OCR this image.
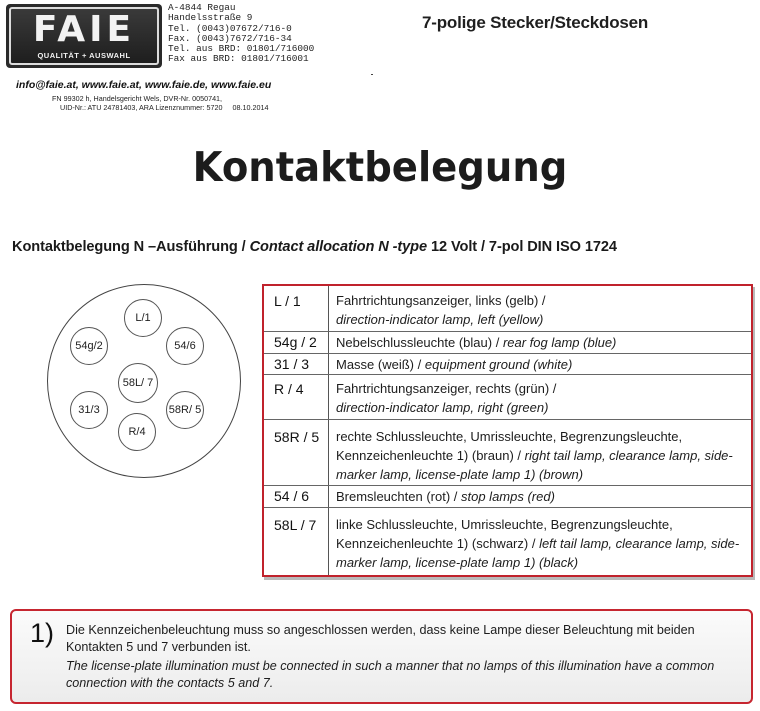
FAIE
QUALITÄT + AUSWAHL
A-4844 Regau
Handelsstraße 9
Tel. (0043)07672/716-0
Fax. (0043)7672/716-34
Tel. aus BRD: 01801/716000
Fax aus BRD: 01801/716001
7-polige Stecker/Steckdosen
info@faie.at, www.faie.at, www.faie.de, www.faie.eu
FN 99302 h, Handelsgericht Wels, DVR-Nr. 0050741,
UID-Nr.: ATU 24781403, ARA Lizenznummer: 5720 08.10.2014
Kontaktbelegung
Kontaktbelegung N –Ausführung / Contact allocation N -type 12 Volt / 7-pol DIN ISO 1724
L/1
54g/2	54/6
58L/ 7
31/3	58R/ 5
R/4
L / 1	Fahrtrichtungsanzeiger, links (gelb) /
direction-indicator lamp, left (yellow)
54g / 2 Nebelschlussleuchte (blau) / rear fog lamp (blue)
31 / 3 Masse (weiß) / equipment ground (white)
R / 4 Fahrtrichtungsanzeiger, rechts (grün) /
direction-indicator lamp, right (green)
58R / 5 rechte Schlussleuchte, Umrissleuchte, Begrenzungsleuchte, Kennzeichenleuchte 1) (braun) / right tail lamp, clearance lamp, side-marker lamp, license-plate lamp 1) (brown)
54 / 6 Bremsleuchten (rot) / stop lamps (red)
58L / 7 linke Schlussleuchte, Umrissleuchte, Begrenzungsleuchte, Kennzeichenleuchte 1) (schwarz) / left tail lamp, clearance lamp, side-marker lamp, license-plate lamp 1) (black)
1) Die Kennzeichenbeleuchtung muss so angeschlossen werden, dass keine Lampe dieser Beleuchtung mit beiden Kontakten 5 und 7 verbunden ist.
The license-plate illumination must be connected in such a manner that no lamps of this illumination have a common connection with the contacts 5 and 7.
